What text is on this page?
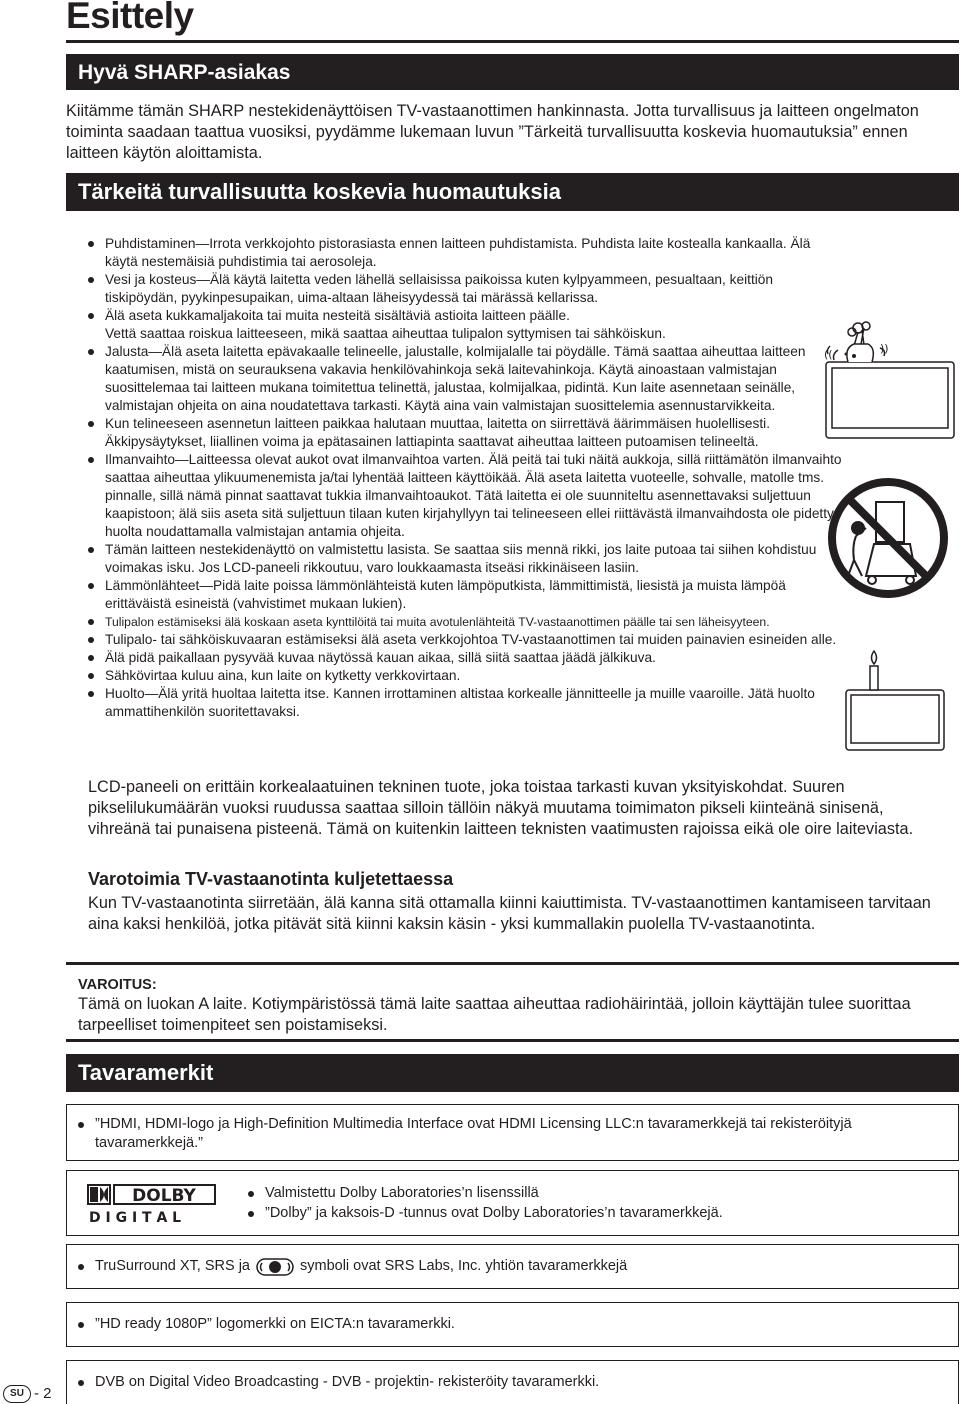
Esittely
Hyvä SHARP-asiakas

Kiitämme tämän SHARP nestekidenäyttöisen TV-vastaanottimen hankinnasta. Jotta turvallisuus ja laitteen ongelmaton toiminta saadaan taattua vuosiksi, pyydämme lukemaan luvun ”Tärkeitä turvallisuutta koskevia huomautuksia” ennen laitteen käytön aloittamista.

Tärkeitä turvallisuutta koskevia huomautuksia
Puhdistaminen—Irrota verkkojohto pistorasiasta ennen laitteen puhdistamista. Puhdista laite kostealla kankaalla. Älä käytä nestemäisiä puhdistimia tai aerosoleja.
Vesi ja kosteus—Älä käytä laitetta veden lähellä sellaisissa paikoissa kuten kylpyammeen, pesualtaan, keittiön tiskipöydän, pyykinpesupaikan, uima-altaan läheisyydessä tai märässä kellarissa.
Älä aseta kukkamaljakoita tai muita nesteitä sisältäviä astioita laitteen päälle.
Vettä saattaa roiskua laitteeseen, mikä saattaa aiheuttaa tulipalon syttymisen tai sähköiskun.
Jalusta—Älä aseta laitetta epävakaalle telineelle, jalustalle, kolmijalalle tai pöydälle. Tämä saattaa aiheuttaa laitteen kaatumisen, mistä on seurauksena vakavia henkilövahinkoja sekä laitevahinkoja. Käytä ainoastaan valmistajan suosittelemaa tai laitteen mukana toimitettua telinettä, jalustaa, kolmijalkaa, pidintä. Kun laite asennetaan seinälle, valmistajan ohjeita on aina noudatettava tarkasti. Käytä aina vain valmistajan suosittelemia asennustarvikkeita.
Kun telineeseen asennetun laitteen paikkaa halutaan muuttaa, laitetta on siirrettävä äärimmäisen huolellisesti. Äkkipysäytykset, liiallinen voima ja epätasainen lattiapinta saattavat aiheuttaa laitteen putoamisen telineeltä.
Ilmanvaihto—Laitteessa olevat aukot ovat ilmanvaihtoa varten. Älä peitä tai tuki näitä aukkoja, sillä riittämätön ilmanvaihto saattaa aiheuttaa ylikuumenemista ja/tai lyhentää laitteen käyttöikää. Älä aseta laitetta vuoteelle, sohvalle, matolle tms. pinnalle, sillä nämä pinnat saattavat tukkia ilmanvaihtoaukot. Tätä laitetta ei ole suunniteltu asennettavaksi suljettuun kaapistoon; älä siis aseta sitä suljettuun tilaan kuten kirjahyllyyn tai telineeseen ellei riittävästä ilmanvaihdosta ole pidetty huolta noudattamalla valmistajan antamia ohjeita.
Tämän laitteen nestekidenäyttö on valmistettu lasista. Se saattaa siis mennä rikki, jos laite putoaa tai siihen kohdistuu voimakas isku. Jos LCD-paneeli rikkoutuu, varo loukkaamasta itseäsi rikkinäiseen lasiin.
Lämmönlähteet—Pidä laite poissa lämmönlähteistä kuten lämpöputkista, lämmittimistä, liesistä ja muista lämpöä erittäväistä esineistä (vahvistimet mukaan lukien).
Tulipalon estämiseksi älä koskaan aseta kynttilöitä tai muita avotulenlähteitä TV-vastaanottimen päälle tai sen läheisyyteen.
Tulipalo- tai sähköiskuvaaran estämiseksi älä aseta verkkojohtoa TV-vastaanottimen tai muiden painavien esineiden alle.
Älä pidä paikallaan pysyvää kuvaa näytössä kauan aikaa, sillä siitä saattaa jäädä jälkikuva.
Sähkövirtaa kuluu aina, kun laite on kytketty verkkovirtaan.
Huolto—Älä yritä huoltaa laitetta itse. Kannen irrottaminen altistaa korkealle jännitteelle ja muille vaaroille. Jätä huolto ammattihenkilön suoritettavaksi.
((	))

LCD-paneeli on erittäin korkealaatuinen tekninen tuote, joka toistaa tarkasti kuvan yksityiskohdat. Suuren pikselilukumäärän vuoksi ruudussa saattaa silloin tällöin näkyä muutama toimimaton pikseli kiinteänä sinisenä, vihreänä tai punaisena pisteenä. Tämä on kuitenkin laitteen teknisten vaatimusten rajoissa eikä ole oire laiteviasta.

Varotoimia TV-vastaanotinta kuljetettaessa

Kun TV-vastaanotinta siirretään, älä kanna sitä ottamalla kiinni kaiuttimista. TV-vastaanottimen kantamiseen tarvitaan aina kaksi henkilöä, jotka pitävät sitä kiinni kaksin käsin - yksi kummallakin puolella TV-vastaanotinta.

VAROITUS:
Tämä on luokan A laite. Kotiympäristössä tämä laite saattaa aiheuttaa radiohäirintää, jolloin käyttäjän tulee suorittaa tarpeelliset toimenpiteet sen poistamiseksi.
Tavaramerkit
”HDMI, HDMI-logo ja High-Definition Multimedia Interface ovat HDMI Licensing LLC:n tavaramerkkejä tai rekisteröityjä tavaramerkkejä.”
DOLBY
D I G I T A L
Valmistettu Dolby Laboratories’n lisenssillä
”Dolby” ja kaksois-D -tunnus ovat Dolby Laboratories’n tavaramerkkejä.
TruSurround XT, SRS ja	symboli ovat SRS Labs, Inc. yhtiön tavaramerkkejä
”HD ready 1080P” logomerkki on EICTA:n tavaramerkki.
DVB on Digital Video Broadcasting - DVB - projektin- rekisteröity tavaramerkki.
SU - 2
